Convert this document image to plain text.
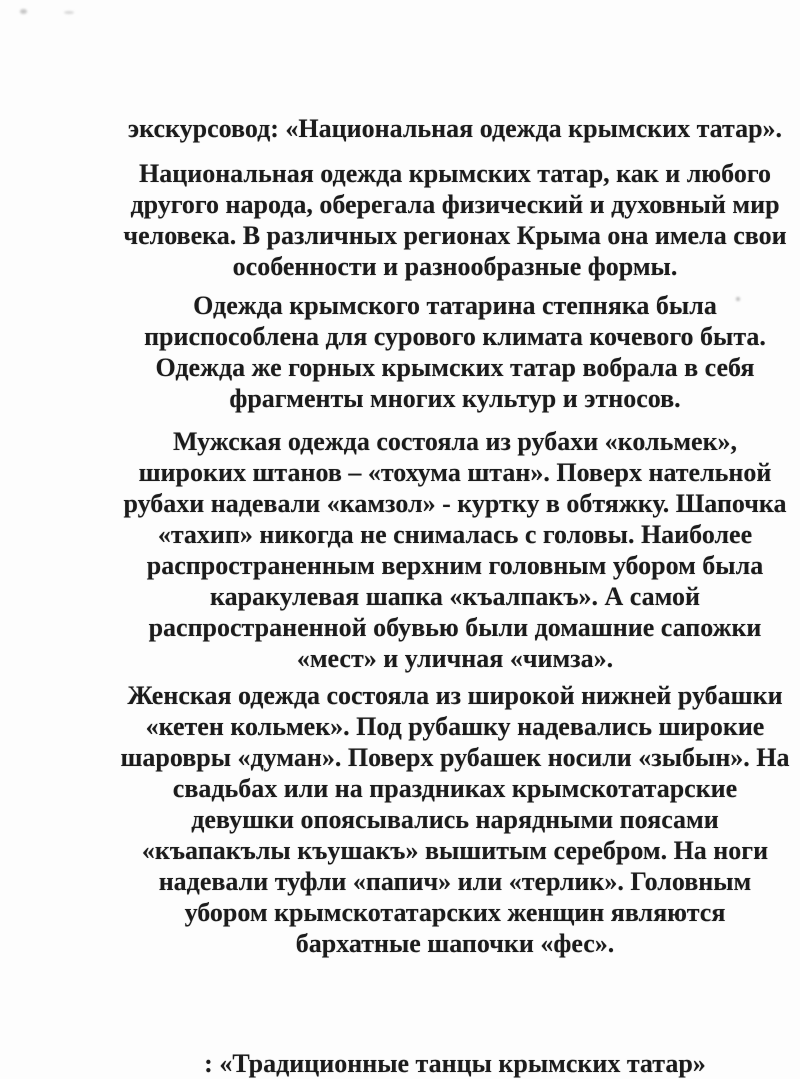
экскурсовод: «Национальная одежда крымских татар».
Национальная одежда крымских татар, как и любого
другого народа, оберегала физический и духовный мир
человека. В различных регионах Крыма она имела свои
особенности и разнообразные формы.
Одежда крымского татарина степняка была
приспособлена для сурового климата кочевого быта.
Одежда же горных крымских татар вобрала в себя
фрагменты многих культур и этносов.
Мужская одежда состояла из рубахи «кольмек»,
широких штанов – «тохума штан». Поверх нательной
рубахи надевали «камзол» - куртку в обтяжку. Шапочка
«тахип» никогда не снималась с головы. Наиболее
распространенным верхним головным убором была
каракулевая шапка «къалпакъ». А самой
распространенной обувью были домашние сапожки
«мест» и уличная «чимза».
Женская одежда состояла из широкой нижней рубашки
«кетен кольмек». Под рубашку надевались широкие
шаровры «думан». Поверх рубашек носили «зыбын». На
свадьбах или на праздниках крымскотатарские
девушки опоясывались нарядными поясами
«къапакълы къушакъ» вышитым серебром. На ноги
надевали туфли «папич» или «терлик». Головным
убором крымскотатарских женщин являются
бархатные шапочки «фес».
: «Традиционные танцы крымских татар»
